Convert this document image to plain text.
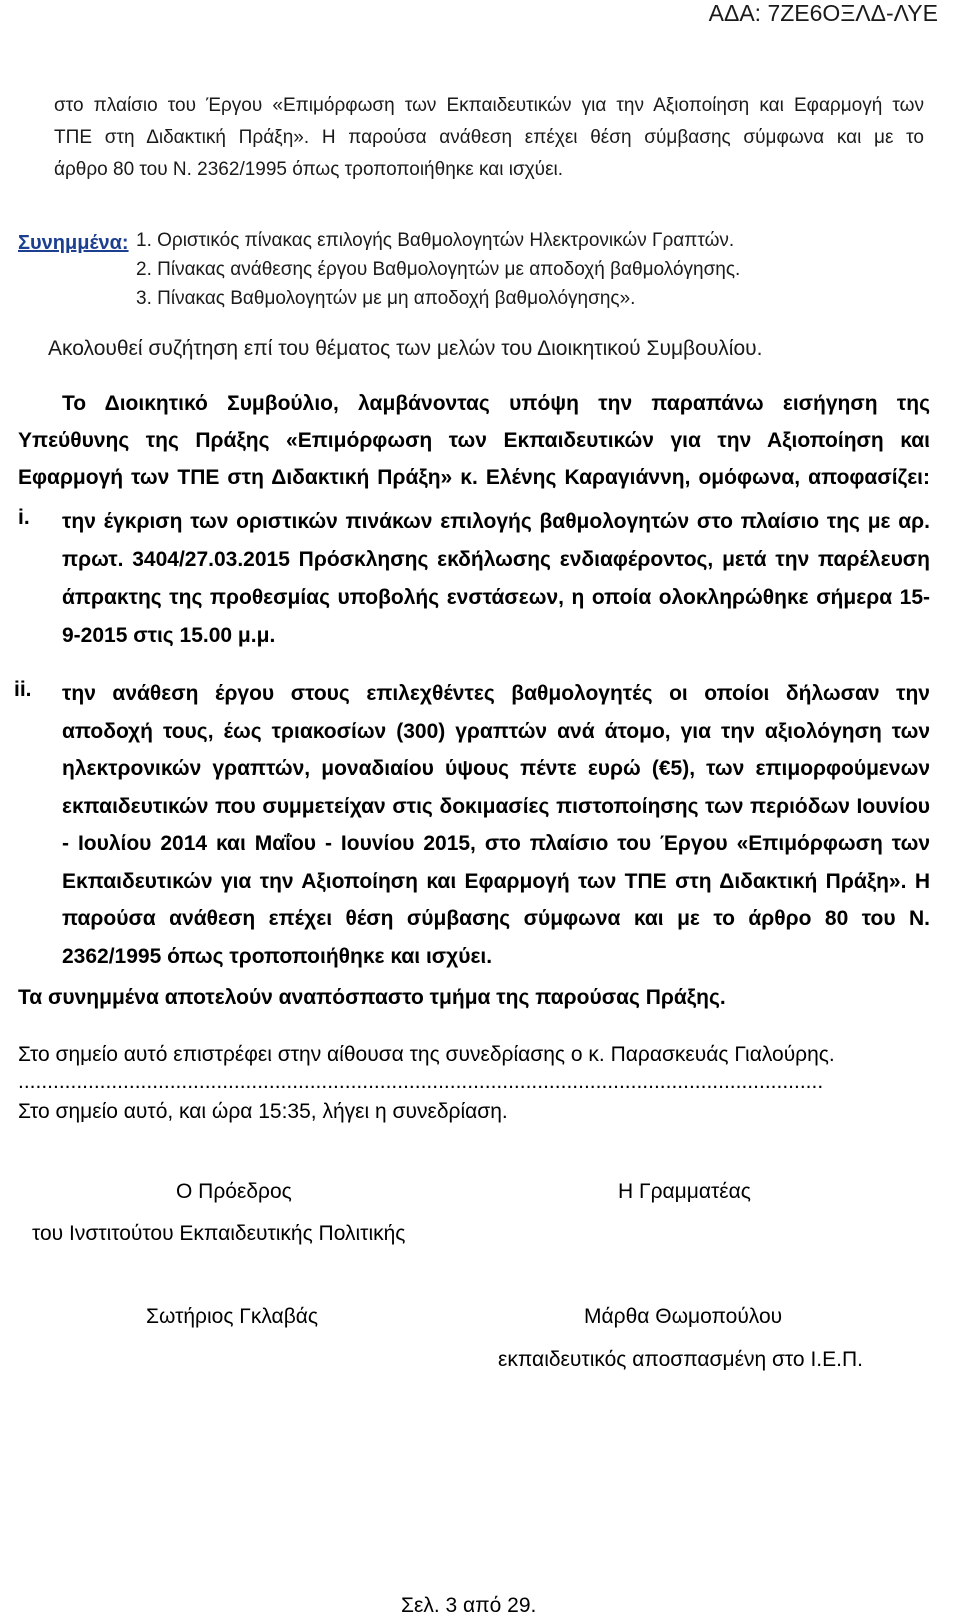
ΑΔΑ: 7ΖΕ6ΟΞΛΔ-ΛΥΕ
στο πλαίσιο του Έργου «Επιμόρφωση των Εκπαιδευτικών για την Αξιοποίηση και Εφαρμογή των
ΤΠΕ στη Διδακτική Πράξη». Η παρούσα ανάθεση επέχει θέση σύμβασης σύμφωνα και με το
άρθρο 80 του Ν. 2362/1995 όπως τροποποιήθηκε και ισχύει.
Συνημμένα: 1. Οριστικός πίνακας επιλογής Βαθμολογητών Ηλεκτρονικών Γραπτών.
2. Πίνακας ανάθεσης έργου Βαθμολογητών με αποδοχή βαθμολόγησης.
3. Πίνακας Βαθμολογητών με μη αποδοχή βαθμολόγησης».
Ακολουθεί συζήτηση επί του θέματος των μελών του Διοικητικού Συμβουλίου.
Το Διοικητικό Συμβούλιο, λαμβάνοντας υπόψη την παραπάνω εισήγηση της
Υπεύθυνης της Πράξης «Επιμόρφωση των Εκπαιδευτικών για την Αξιοποίηση και
Εφαρμογή των ΤΠΕ στη Διδακτική Πράξη» κ. Ελένης Καραγιάννη, ομόφωνα, αποφασίζει:
i. την έγκριση των οριστικών πινάκων επιλογής βαθμολογητών στο πλαίσιο της με αρ.
πρωτ. 3404/27.03.2015 Πρόσκλησης εκδήλωσης ενδιαφέροντος, μετά την παρέλευση
άπρακτης της προθεσμίας υποβολής ενστάσεων, η οποία ολοκληρώθηκε σήμερα 15-
9-2015 στις 15.00 μ.μ.
ii. την ανάθεση έργου στους επιλεχθέντες βαθμολογητές οι οποίοι δήλωσαν την
αποδοχή τους, έως τριακοσίων (300) γραπτών ανά άτομο, για την αξιολόγηση των
ηλεκτρονικών γραπτών, μοναδιαίου ύψους πέντε ευρώ (€5), των επιμορφούμενων
εκπαιδευτικών που συμμετείχαν στις δοκιμασίες πιστοποίησης των περιόδων Ιουνίου
- Ιουλίου 2014 και Μαΐου - Ιουνίου 2015, στο πλαίσιο του Έργου «Επιμόρφωση των
Εκπαιδευτικών για την Αξιοποίηση και Εφαρμογή των ΤΠΕ στη Διδακτική Πράξη». Η
παρούσα ανάθεση επέχει θέση σύμβασης σύμφωνα και με το άρθρο 80 του Ν.
2362/1995 όπως τροποποιήθηκε και ισχύει.
Τα συνημμένα αποτελούν αναπόσπαστο τμήμα της παρούσας Πράξης.
Στο σημείο αυτό επιστρέφει στην αίθουσα της συνεδρίασης ο κ. Παρασκευάς Γιαλούρης.
..........................................................................................................................................
Στο σημείο αυτό, και ώρα 15:35, λήγει η συνεδρίαση.
Ο Πρόεδρος	Η Γραμματέας
του Ινστιτούτου Εκπαιδευτικής Πολιτικής
Σωτήριος Γκλαβάς	Μάρθα Θωμοπούλου
εκπαιδευτικός αποσπασμένη στο Ι.Ε.Π.
Σελ. 3 από 29.
